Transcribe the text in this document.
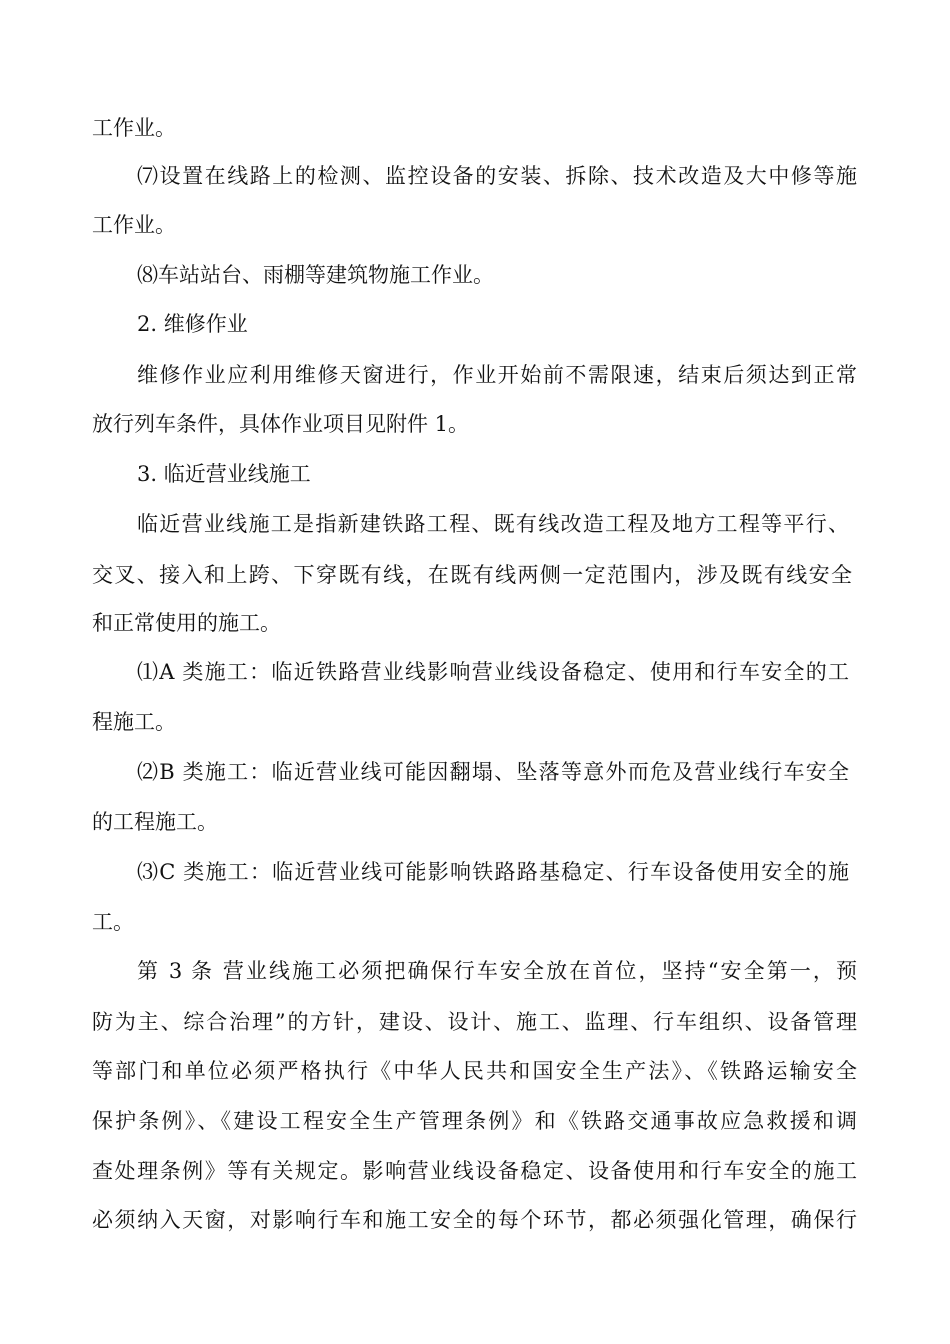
工作业。
⑺设置在线路上的检测、监控设备的安装、拆除、技术改造及大中修等施
工作业。
⑻车站站台、雨棚等建筑物施工作业。
2. 维修作业
维修作业应利用维修天窗进行，作业开始前不需限速，结束后须达到正常
放行列车条件，具体作业项目见附件 1。
3. 临近营业线施工
临近营业线施工是指新建铁路工程、既有线改造工程及地方工程等平行、
交叉、接入和上跨、下穿既有线，在既有线两侧一定范围内，涉及既有线安全
和正常使用的施工。
⑴A 类施工：临近铁路营业线影响营业线设备稳定、使用和行车安全的工
程施工。
⑵B 类施工：临近营业线可能因翻塌、坠落等意外而危及营业线行车安全
的工程施工。
⑶C 类施工：临近营业线可能影响铁路路基稳定、行车设备使用安全的施
工。
第 3 条 营业线施工必须把确保行车安全放在首位，坚持“安全第一，预
防为主、综合治理”的方针，建设、设计、施工、监理、行车组织、设备管理
等部门和单位必须严格执行《中华人民共和国安全生产法》、《铁路运输安全
保护条例》、《建设工程安全生产管理条例》和《铁路交通事故应急救援和调
查处理条例》等有关规定。影响营业线设备稳定、设备使用和行车安全的施工
必须纳入天窗，对影响行车和施工安全的每个环节，都必须强化管理，确保行
